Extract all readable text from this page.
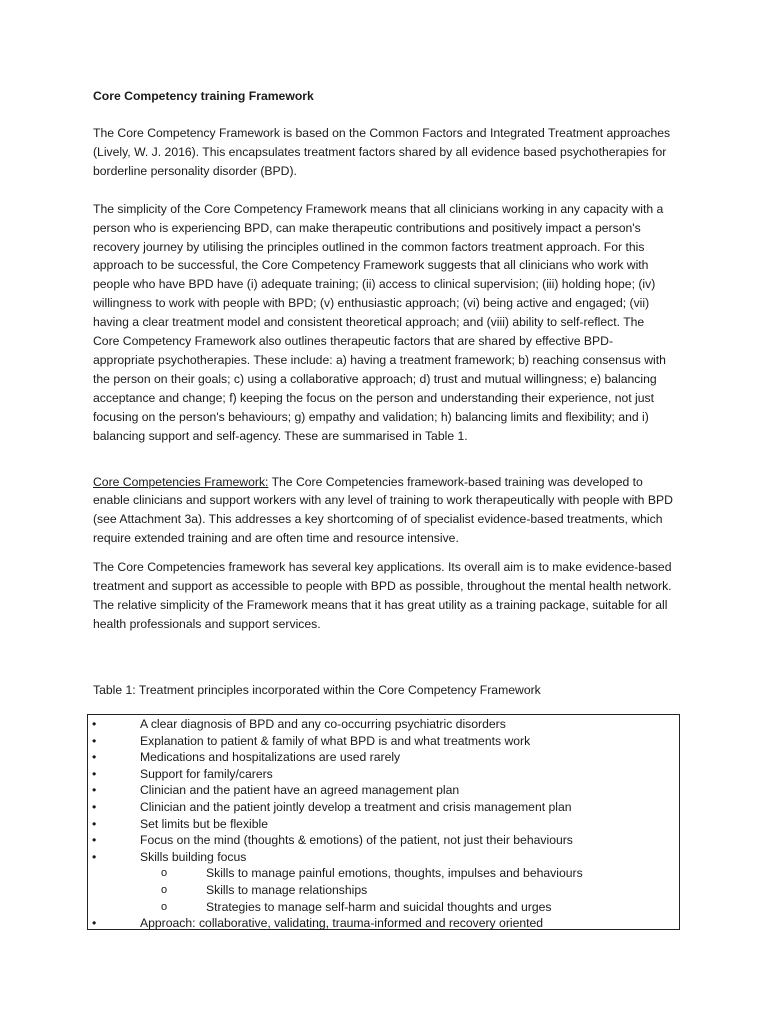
Core Competency training Framework

The Core Competency Framework is based on the Common Factors and Integrated Treatment approaches (Lively, W. J. 2016). This encapsulates treatment factors shared by all evidence based psychotherapies for borderline personality disorder (BPD).

The simplicity of the Core Competency Framework means that all clinicians working in any capacity with a person who is experiencing BPD, can make therapeutic contributions and positively impact a person's recovery journey by utilising the principles outlined in the common factors treatment approach. For this approach to be successful, the Core Competency Framework suggests that all clinicians who work with people who have BPD have (i) adequate training; (ii) access to clinical supervision; (iii) holding hope; (iv) willingness to work with people with BPD; (v) enthusiastic approach; (vi) being active and engaged; (vii) having a clear treatment model and consistent theoretical approach; and (viii) ability to self-reflect. The Core Competency Framework also outlines therapeutic factors that are shared by effective BPD-appropriate psychotherapies. These include: a) having a treatment framework; b) reaching consensus with the person on their goals; c) using a collaborative approach; d) trust and mutual willingness; e) balancing acceptance and change; f) keeping the focus on the person and understanding their experience, not just focusing on the person's behaviours; g) empathy and validation; h) balancing limits and flexibility; and i) balancing support and self-agency. These are summarised in Table 1.

Core Competencies Framework: The Core Competencies framework-based training was developed to enable clinicians and support workers with any level of training to work therapeutically with people with BPD (see Attachment 3a). This addresses a key shortcoming of of specialist evidence-based treatments, which require extended training and are often time and resource intensive.

The Core Competencies framework has several key applications. Its overall aim is to make evidence-based treatment and support as accessible to people with BPD as possible, throughout the mental health network. The relative simplicity of the Framework means that it has great utility as a training package, suitable for all health professionals and support services.

Table 1: Treatment principles incorporated within the Core Competency Framework

•	A clear diagnosis of BPD and any co-occurring psychiatric disorders
•	Explanation to patient & family of what BPD is and what treatments work
•	Medications and hospitalizations are used rarely
•	Support for family/carers
•	Clinician and the patient have an agreed management plan
•	Clinician and the patient jointly develop a treatment and crisis management plan
•	Set limits but be flexible
•	Focus on the mind (thoughts & emotions) of the patient, not just their behaviours
•	Skills building focus
o	Skills to manage painful emotions, thoughts, impulses and behaviours
o	Skills to manage relationships
o	Strategies to manage self-harm and suicidal thoughts and urges
•	Approach: collaborative, validating, trauma-informed and recovery oriented
